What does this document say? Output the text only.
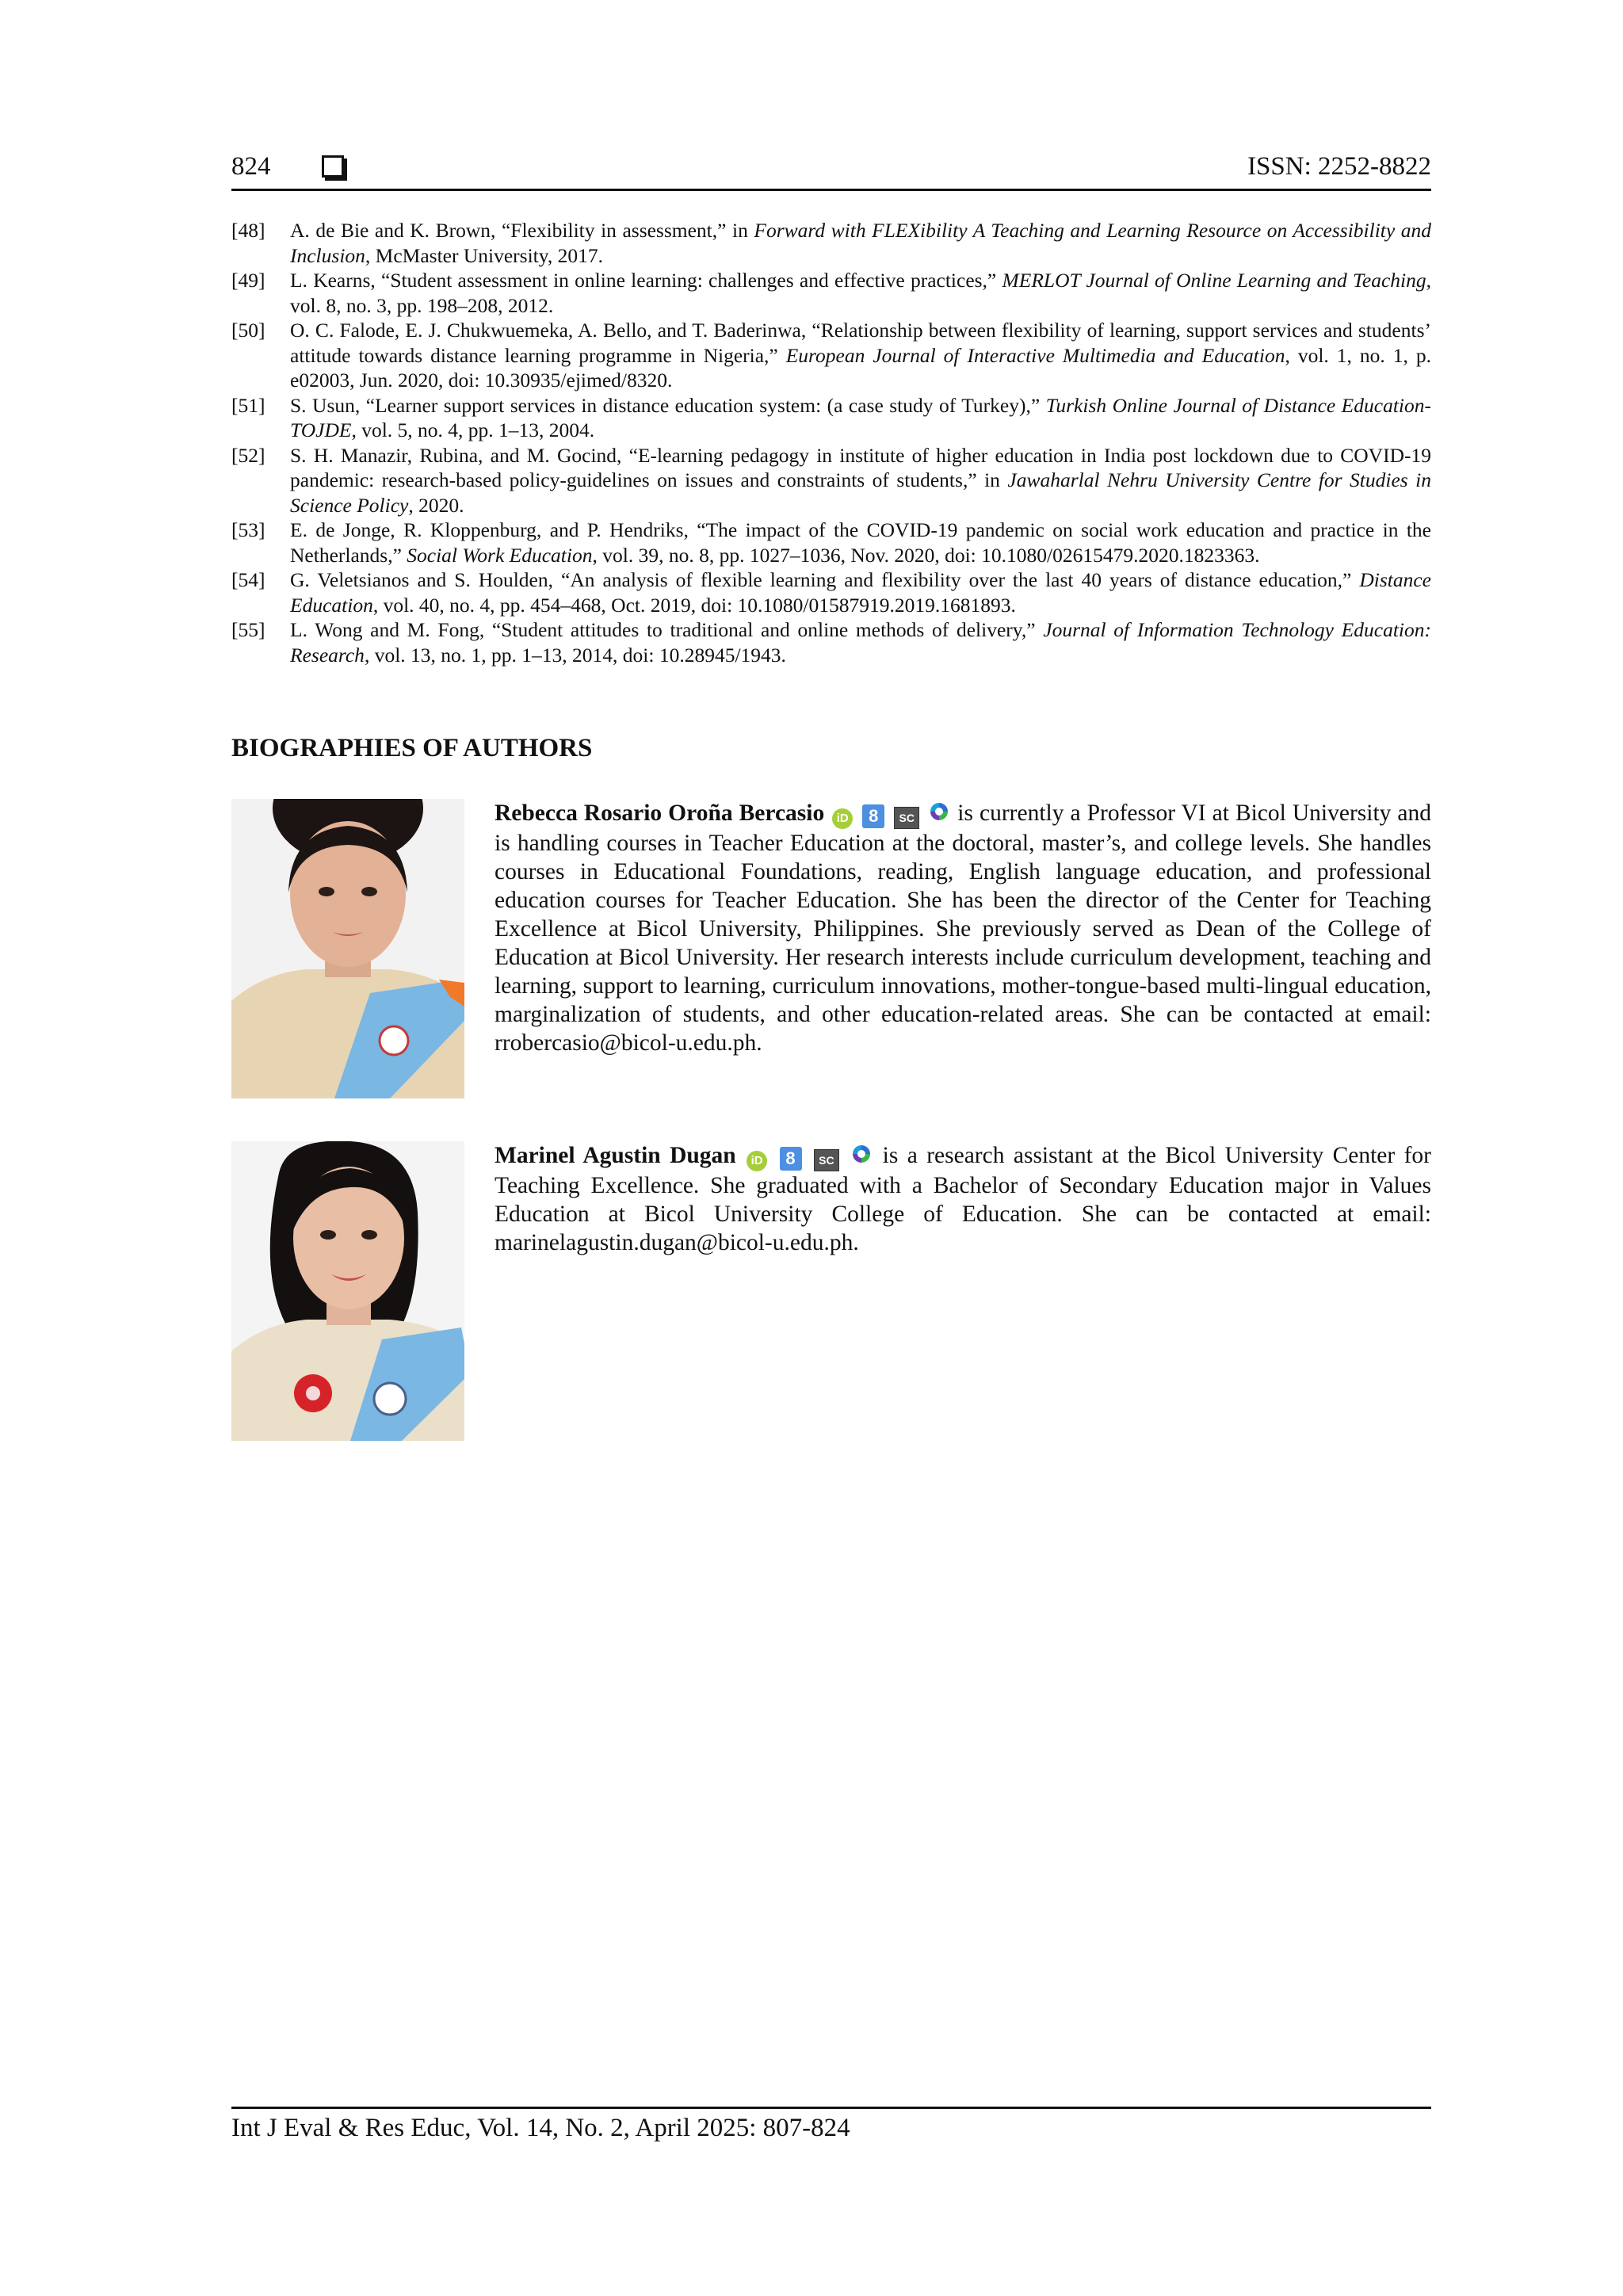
824	ISSN: 2252-8822
[48]	A. de Bie and K. Brown, “Flexibility in assessment,” in Forward with FLEXibility A Teaching and Learning Resource on Accessibility and Inclusion, McMaster University, 2017.
[49]	L. Kearns, “Student assessment in online learning: challenges and effective practices,” MERLOT Journal of Online Learning and Teaching, vol. 8, no. 3, pp. 198–208, 2012.
[50]	O. C. Falode, E. J. Chukwuemeka, A. Bello, and T. Baderinwa, “Relationship between flexibility of learning, support services and students’ attitude towards distance learning programme in Nigeria,” European Journal of Interactive Multimedia and Education, vol. 1, no. 1, p. e02003, Jun. 2020, doi: 10.30935/ejimed/8320.
[51]	S. Usun, “Learner support services in distance education system: (a case study of Turkey),” Turkish Online Journal of Distance Education-TOJDE, vol. 5, no. 4, pp. 1–13, 2004.
[52]	S. H. Manazir, Rubina, and M. Gocind, “E-learning pedagogy in institute of higher education in India post lockdown due to COVID-19 pandemic: research-based policy-guidelines on issues and constraints of students,” in Jawaharlal Nehru University Centre for Studies in Science Policy, 2020.
[53]	E. de Jonge, R. Kloppenburg, and P. Hendriks, “The impact of the COVID-19 pandemic on social work education and practice in the Netherlands,” Social Work Education, vol. 39, no. 8, pp. 1027–1036, Nov. 2020, doi: 10.1080/02615479.2020.1823363.
[54]	G. Veletsianos and S. Houlden, “An analysis of flexible learning and flexibility over the last 40 years of distance education,” Distance Education, vol. 40, no. 4, pp. 454–468, Oct. 2019, doi: 10.1080/01587919.2019.1681893.
[55]	L. Wong and M. Fong, “Student attitudes to traditional and online methods of delivery,” Journal of Information Technology Education: Research, vol. 13, no. 1, pp. 1–13, 2014, doi: 10.28945/1943.
BIOGRAPHIES OF AUTHORS
Rebecca Rosario Oroña Bercasio iD 8 SC  is currently a Professor VI at Bicol University and is handling courses in Teacher Education at the doctoral, master’s, and college levels. She handles courses in Educational Foundations, reading, English language education, and professional education courses for Teacher Education. She has been the director of the Center for Teaching Excellence at Bicol University, Philippines. She previously served as Dean of the College of Education at Bicol University. Her research interests include curriculum development, teaching and learning, support to learning, curriculum innovations, mother-tongue-based multi-lingual education, marginalization of students, and other education-related areas. She can be contacted at email: rrobercasio@bicol-u.edu.ph.
Marinel Agustin Dugan iD 8 SC  is a research assistant at the Bicol University Center for Teaching Excellence. She graduated with a Bachelor of Secondary Education major in Values Education at Bicol University College of Education. She can be contacted at email: marinelagustin.dugan@bicol-u.edu.ph.
Int J Eval & Res Educ, Vol. 14, No. 2, April 2025: 807-824
